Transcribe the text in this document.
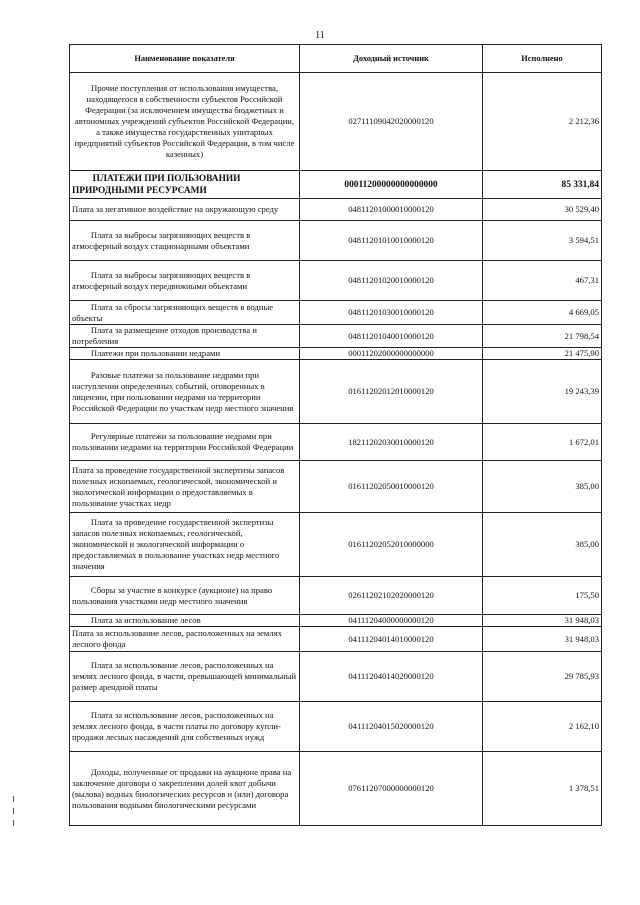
11
Наименование показателя	Доходный источник	Исполнено
Прочие поступления от использования имущества, находящегося в собственности субъектов Российской Федерации (за исключением имущества бюджетных и автономных учреждений субъектов Российской Федерации, а также имущества государственных унитарных предприятий субъектов Российской Федерации, в том числе казенных)	02711109042020000120	2 212,36
ПЛАТЕЖИ ПРИ ПОЛЬЗОВАНИИ ПРИРОДНЫМИ РЕСУРСАМИ	00011200000000000000	85 331,84
Плата за негативное воздействие на окружающую среду	04811201000010000120	30 529,40
Плата за выбросы загрязняющих веществ в атмосферный воздух стационарными объектами	04811201010010000120	3 594,51
Плата за выбросы загрязняющих веществ в атмосферный воздух передвижными объектами	04811201020010000120	467,31
Плата за сбросы загрязняющих веществ в водные объекты	04811201030010000120	4 669,05
Плата за размещение отходов производства и потребления	04811201040010000120	21 798,54
Платежи при пользовании недрами	00011202000000000000	21 475,90
Разовые платежи за пользование недрами при наступлении определенных событий, оговоренных в лицензии, при пользовании недрами на территории Российской Федерации по участкам недр местного значения	01611202012010000120	19 243,39
Регулярные платежи за пользование недрами при пользовании недрами на территории Российской Федерации	18211202030010000120	1 672,01
Плата за проведение государственной экспертизы запасов полезных ископаемых, геологической, экономической и экологической информации о предоставляемых в пользование участках недр	01611202050010000120	385,00
Плата за проведение государственной экспертизы запасов полезных ископаемых, геологической, экономической и экологической информации о предоставляемых в пользование участках недр местного значения	01611202052010000000	385,00
Сборы за участие в конкурсе (аукционе) на право пользования участками недр местного значения	02611202102020000120	175,50
Плата за использование лесов	04111204000000000120	31 948,03
Плата за использование лесов, расположенных на землях лесного фонда	04111204014010000120	31 948,03
Плата за использование лесов, расположенных на землях лесного фонда, в части, превышающей минимальный размер арендной платы	04111204014020000120	29 785,93
Плата за использование лесов, расположенных на землях лесного фонда, в части платы по договору купли-продажи лесных насаждений для собственных нужд	04111204015020000120	2 162,10
Доходы, полученные от продажи на аукционе права на заключение договора о закреплении долей квот добычи (вылова) водных биологических ресурсов и (или) договора пользования водными биологическими ресурсами	07611207000000000120	1 378,51
